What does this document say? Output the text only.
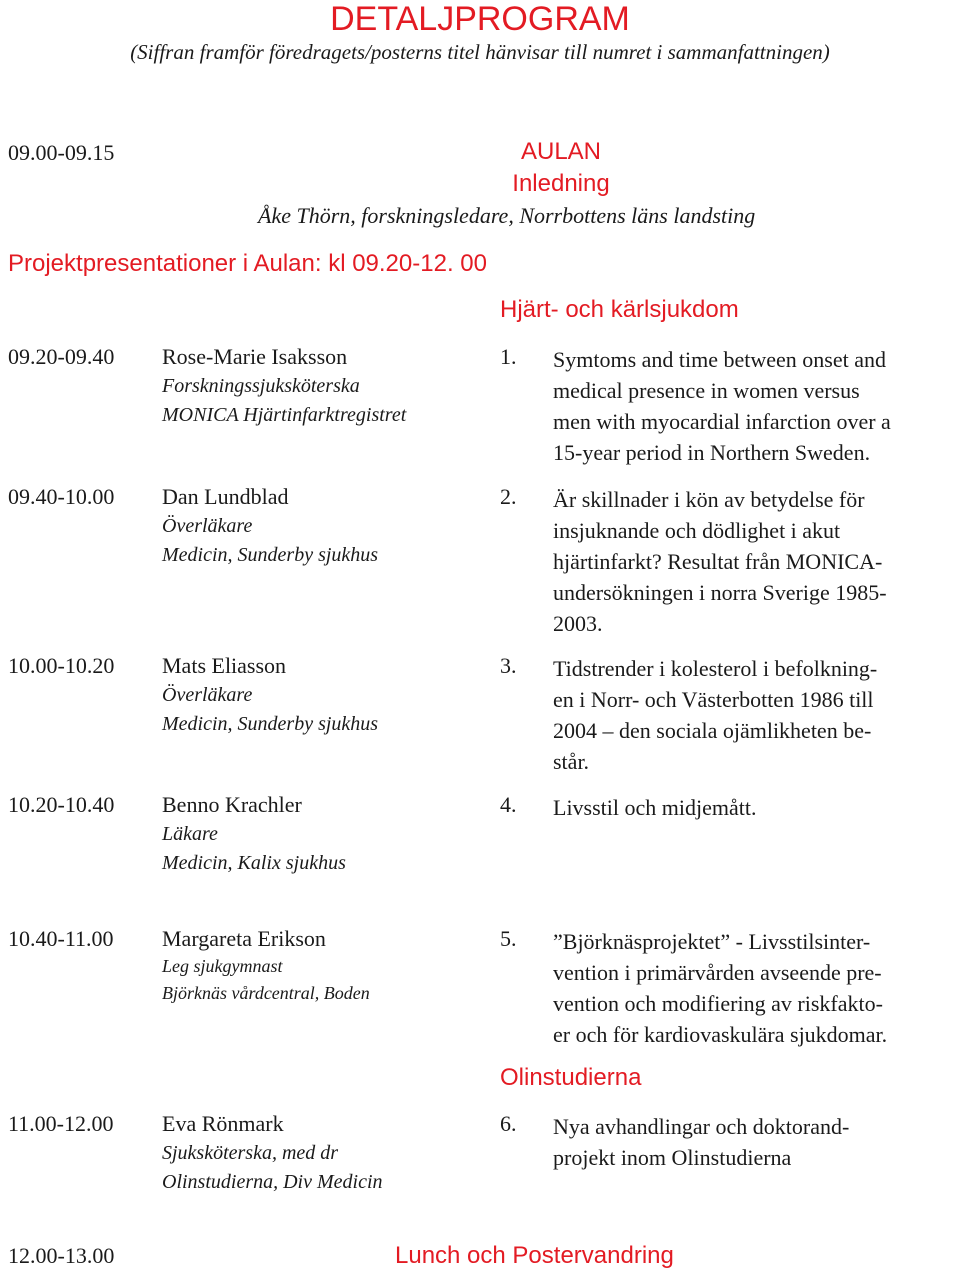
DETALJPROGRAM
(Siffran framför föredragets/posterns titel hänvisar till numret i sammanfattningen)
09.00-09.15	AULAN
Inledning
Åke Thörn, forskningsledare, Norrbottens läns landsting
Projektpresentationer i Aulan: kl 09.20-12. 00
Hjärt- och kärlsjukdom
09.20-09.40 Rose-Marie Isaksson
Forskningssjuksköterska
MONICA Hjärtinfarktregistret
1. Symtoms and time between onset and
medical presence in women versus
men with myocardial infarction over a
15-year period in Northern Sweden.
09.40-10.00 Dan Lundblad
Överläkare
Medicin, Sunderby sjukhus
2. Är skillnader i kön av betydelse för
insjuknande och dödlighet i akut
hjärtinfarkt? Resultat från MONICA-
undersökningen i norra Sverige 1985-
2003.
10.00-10.20 Mats Eliasson
Överläkare
Medicin, Sunderby sjukhus
3. Tidstrender i kolesterol i befolkning-
en i Norr- och Västerbotten 1986 till
2004 – den sociala ojämlikheten be-
står.
10.20-10.40 Benno Krachler
Läkare
Medicin, Kalix sjukhus
4. Livsstil och midjemått.
10.40-11.00 Margareta Erikson
Leg sjukgymnast
Björknäs vårdcentral, Boden
5. ”Björknäsprojektet” - Livsstilsinter-
vention i primärvården avseende pre-
vention och modifiering av riskfakto-
er och för kardiovaskulära sjukdomar.
Olinstudierna
11.00-12.00 Eva Rönmark
Sjuksköterska, med dr
Olinstudierna, Div Medicin
6. Nya avhandlingar och doktorand-
projekt inom Olinstudierna
12.00-13.00	Lunch och Postervandring
